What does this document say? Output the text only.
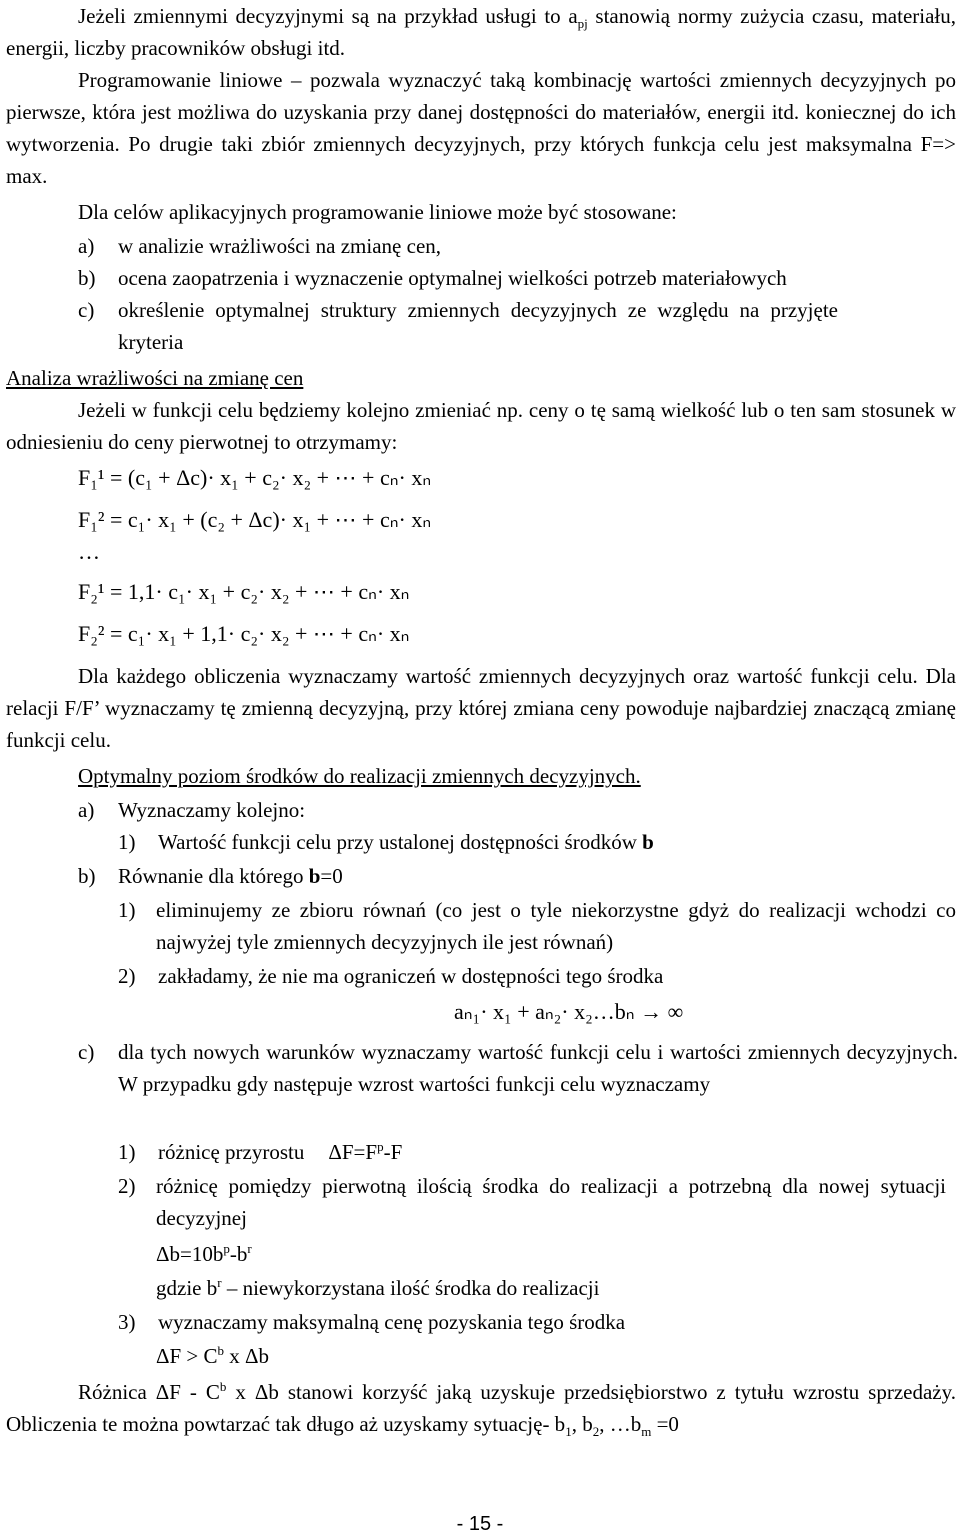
Jeżeli zmiennymi decyzyjnymi są na przykład usługi to $a_{pj}$ stanowią normy zużycia czasu, materiału, energii, liczby pracowników obsługi itd.
Programowanie liniowe – pozwala wyznaczyć taką kombinację wartości zmiennych decyzyjnych po pierwsze, która jest możliwa do uzyskania przy danej dostępności do materiałów, energii itd. koniecznej do ich wytworzenia. Po drugie taki zbiór zmiennych decyzyjnych, przy których funkcja celu jest maksymalna F=> max.
Dla celów aplikacyjnych programowanie liniowe może być stosowane:
a) w analizie wrażliwości na zmianę cen,
b) ocena zaopatrzenia i wyznaczenie optymalnej wielkości potrzeb materiałowych
c) określenie optymalnej struktury zmiennych decyzyjnych ze względu na przyjęte kryteria
Analiza wrażliwości na zmianę cen
Jeżeli w funkcji celu będziemy kolejno zmieniać np. ceny o tę samą wielkość lub o ten sam stosunek w odniesieniu do ceny pierwotnej to otrzymamy:
F₁¹ = (c₁ + Δc)· x₁ + c₂· x₂ + ⋯ + cₙ· xₙ
F₁² = c₁· x₁ + (c₂ + Δc)· x₁ + ⋯ + cₙ· xₙ
…
F₂¹ = 1,1· c₁· x₁ + c₂· x₂ + ⋯ + cₙ· xₙ
F₂² = c₁· x₁ + 1,1· c₂· x₂ + ⋯ + cₙ· xₙ
Dla każdego obliczenia wyznaczamy wartość zmiennych decyzyjnych oraz wartość funkcji celu. Dla relacji F/F’ wyznaczamy tę zmienną decyzyjną, przy której zmiana ceny powoduje najbardziej znaczącą zmianę funkcji celu.
Optymalny poziom środków do realizacji zmiennych decyzyjnych.
a) Wyznaczamy kolejno:
1) Wartość funkcji celu przy ustalonej dostępności środków b
b) Równanie dla którego b=0
1) eliminujemy ze zbioru równań (co jest o tyle niekorzystne gdyż do realizacji wchodzi co najwyżej tyle zmiennych decyzyjnych ile jest równań)
2) zakładamy, że nie ma ograniczeń w dostępności tego środka
aₙ₁· x₁ + aₙ₂· x₂…bₙ → ∞
c) dla tych nowych warunków wyznaczamy wartość funkcji celu i wartości zmiennych decyzyjnych. W przypadku gdy następuje wzrost wartości funkcji celu wyznaczamy
1) różnicę przyrostu $\Delta F=F^p-F$
2) różnicę pomiędzy pierwotną ilością środka do realizacji a potrzebną dla nowej sytuacji decyzyjnej
$\Delta b=10b^p-b^r$
gdzie $b^r$ – niewykorzystana ilość środka do realizacji
3) wyznaczamy maksymalną cenę pozyskania tego środka
$\Delta F > C^b$ x Δb
Różnica ΔF - $C^b$ x Δb stanowi korzyść jaką uzyskuje przedsiębiorstwo z tytułu wzrostu sprzedaży. Obliczenia te można powtarzać tak długo aż uzyskamy sytuację- $b_1$, $b_2$, $\dots b_m =0$
- 15 -
